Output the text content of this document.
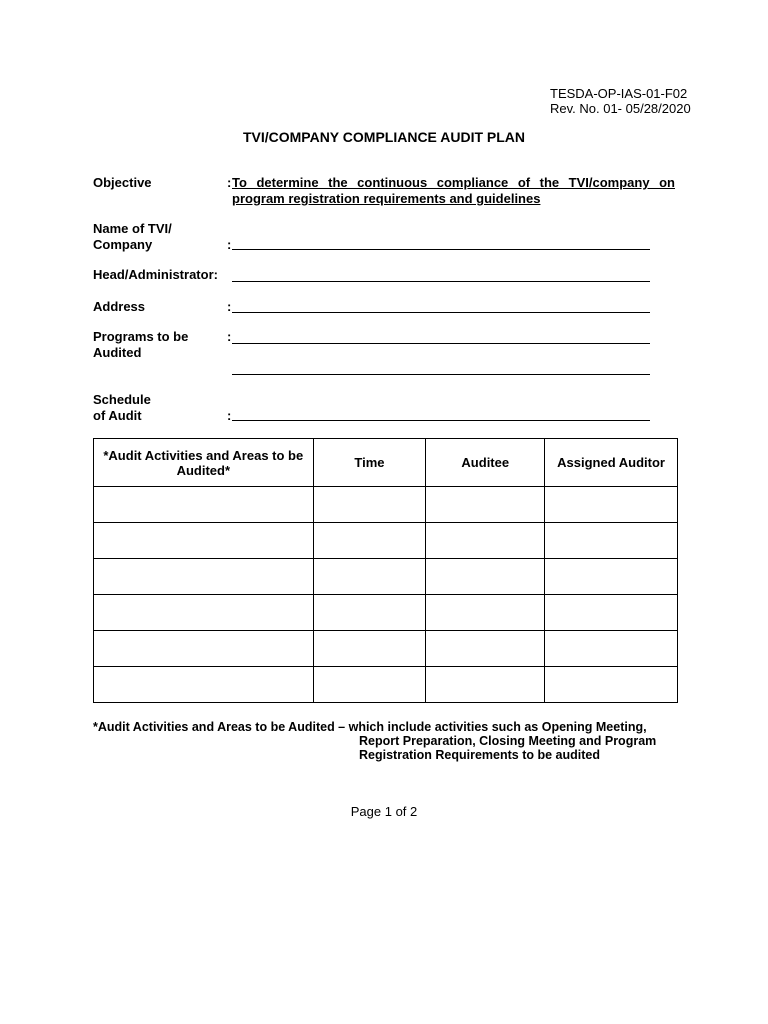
TESDA-OP-IAS-01-F02
Rev. No. 01- 05/28/2020
TVI/COMPANY COMPLIANCE AUDIT PLAN
Objective	: To determine the continuous compliance of the TVI/company on program registration requirements and guidelines
Name of TVI/
Company	:
Head/Administrator:
Address	:
Programs to be
Audited
:
Schedule
of Audit	:
*Audit Activities and Areas to be Audited*	Time	Auditee	Assigned Auditor

*Audit Activities and Areas to be Audited – which include activities such as Opening Meeting,
Report Preparation, Closing Meeting and Program
Registration Requirements to be audited
Page 1 of 2
